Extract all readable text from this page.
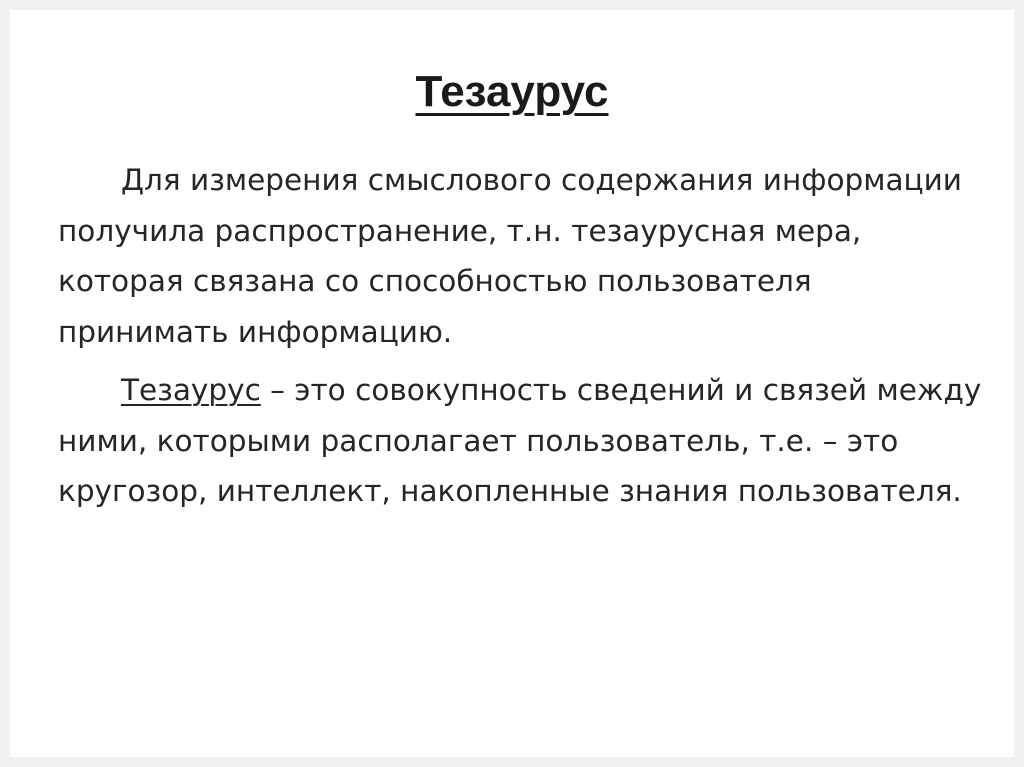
Тезаурус

Для измерения смыслового содержания информации получила распространение, т.н. тезаурусная мера, которая связана со способностью пользователя принимать информацию.

Тезаурус – это совокупность сведений и связей между ними, которыми располагает пользователь, т.е. – это кругозор, интеллект, накопленные знания пользователя.
